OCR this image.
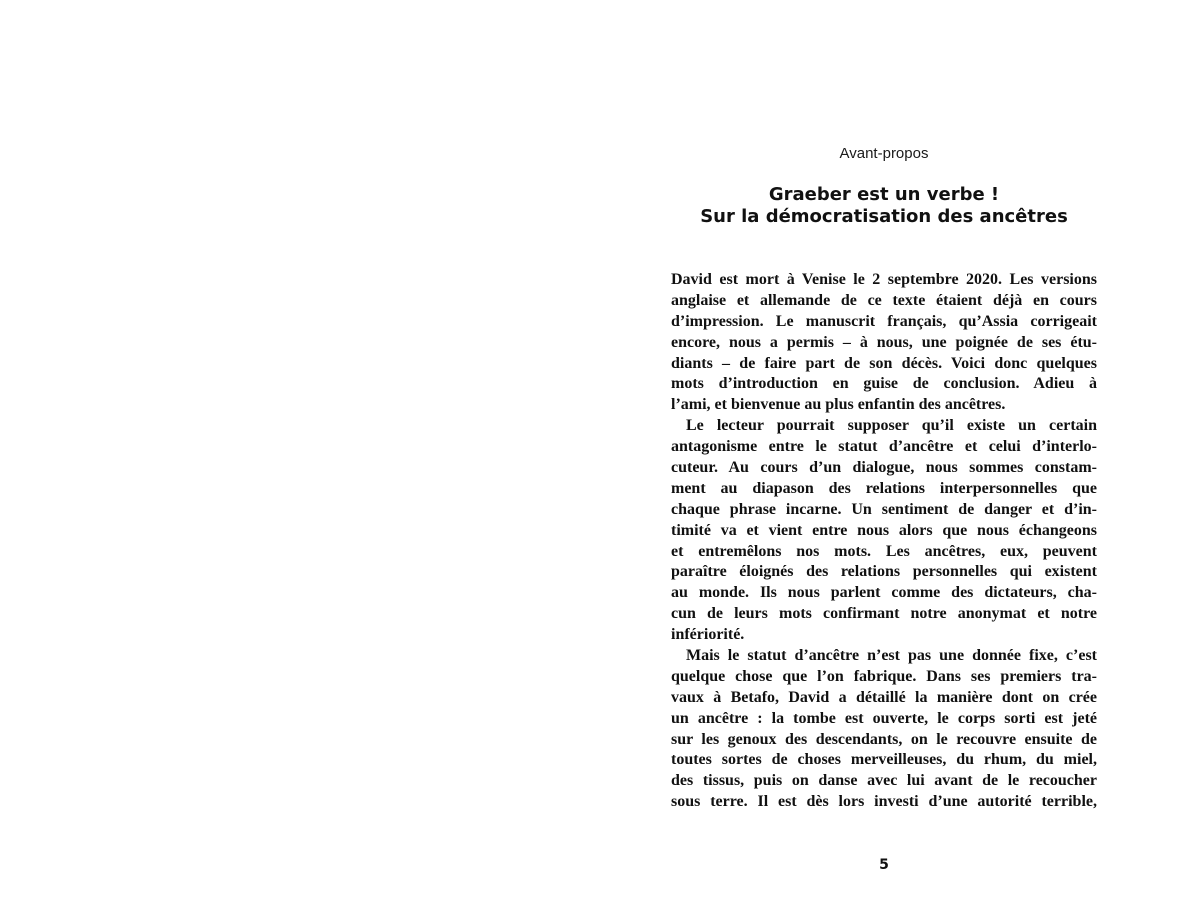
Avant-propos
Graeber est un verbe !
Sur la démocratisation des ancêtres
David est mort à Venise le 2 septembre 2020. Les versions
anglaise et allemande de ce texte étaient déjà en cours
d’impression. Le manuscrit français, qu’Assia corrigeait
encore, nous a permis – à nous, une poignée de ses étu-
diants – de faire part de son décès. Voici donc quelques
mots d’introduction en guise de conclusion. Adieu à
l’ami, et bienvenue au plus enfantin des ancêtres.
Le lecteur pourrait supposer qu’il existe un certain
antagonisme entre le statut d’ancêtre et celui d’interlo-
cuteur. Au cours d’un dialogue, nous sommes constam-
ment au diapason des relations interpersonnelles que
chaque phrase incarne. Un sentiment de danger et d’in-
timité va et vient entre nous alors que nous échangeons
et entremêlons nos mots. Les ancêtres, eux, peuvent
paraître éloignés des relations personnelles qui existent
au monde. Ils nous parlent comme des dictateurs, cha-
cun de leurs mots confirmant notre anonymat et notre
infériorité.
Mais le statut d’ancêtre n’est pas une donnée fixe, c’est
quelque chose que l’on fabrique. Dans ses premiers tra-
vaux à Betafo, David a détaillé la manière dont on crée
un ancêtre : la tombe est ouverte, le corps sorti est jeté
sur les genoux des descendants, on le recouvre ensuite de
toutes sortes de choses merveilleuses, du rhum, du miel,
des tissus, puis on danse avec lui avant de le recoucher
sous terre. Il est dès lors investi d’une autorité terrible,
5
